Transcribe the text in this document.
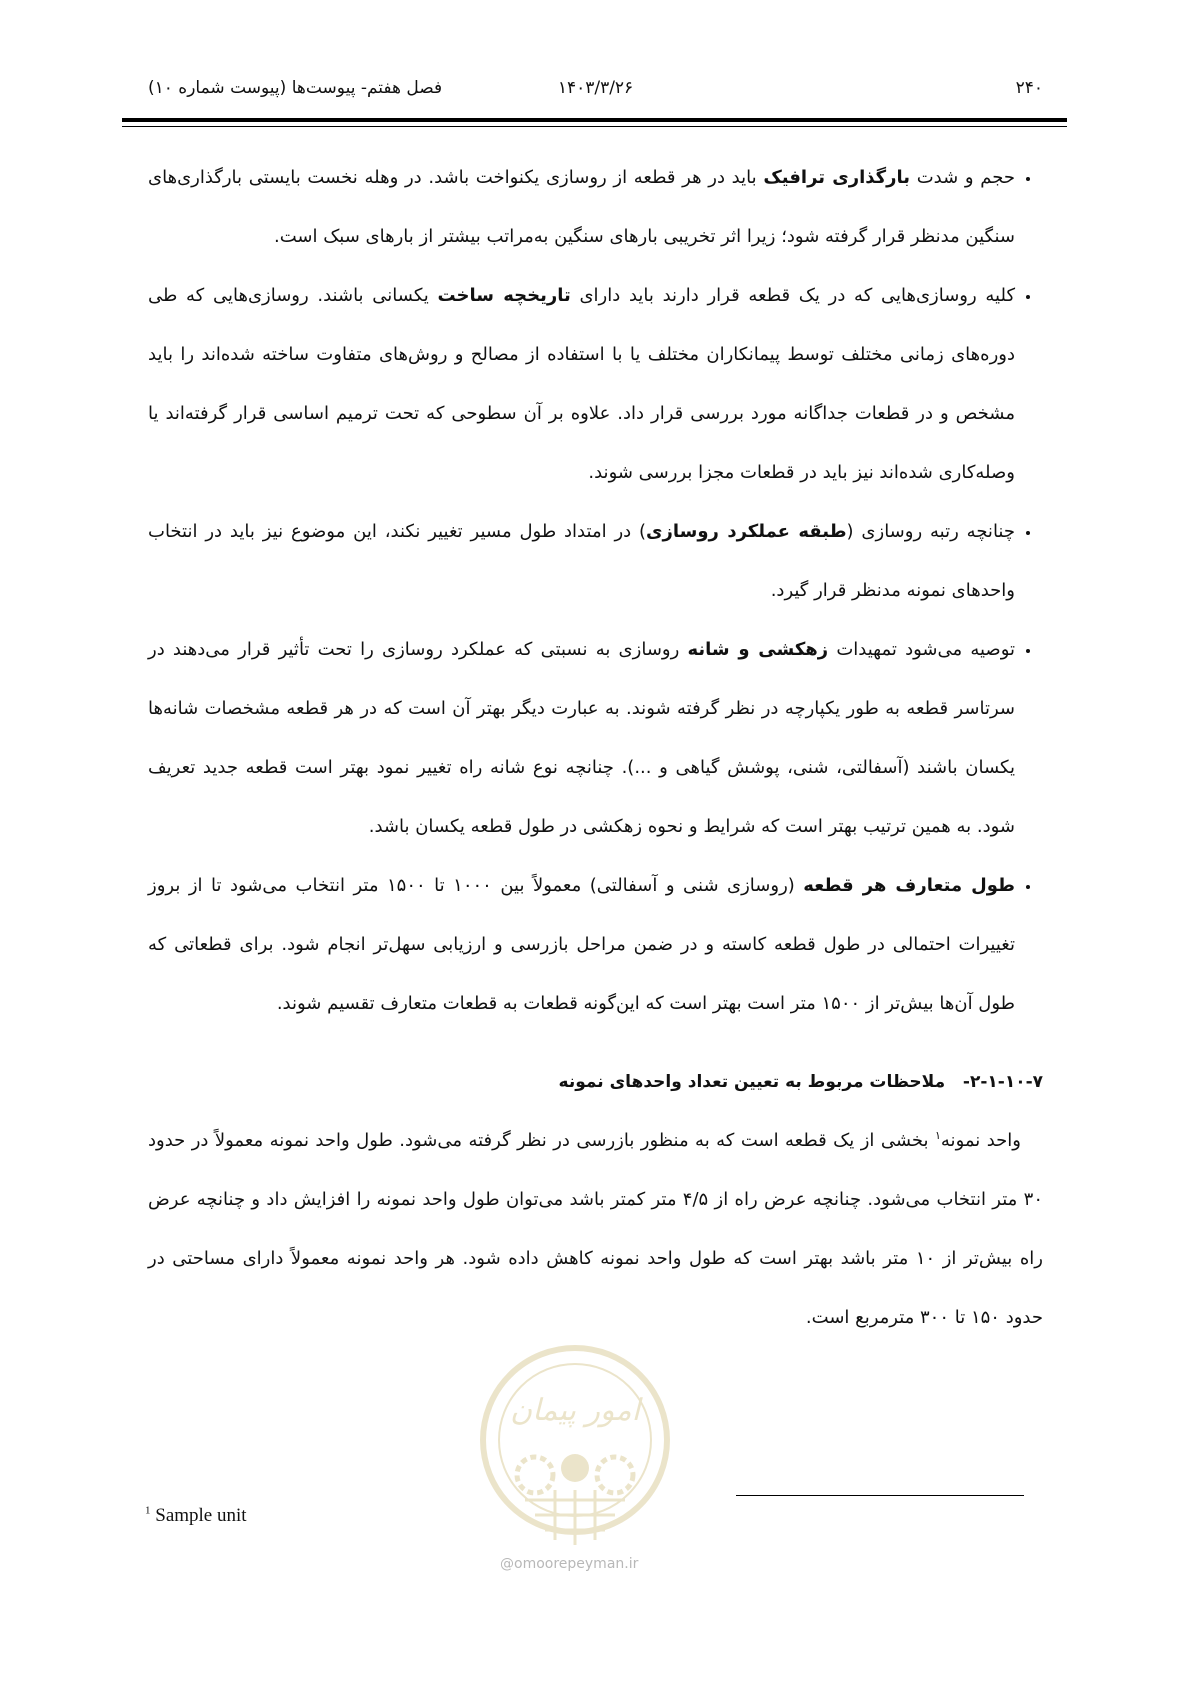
۲۴۰
۱۴۰۳/۳/۲۶
فصل هفتم- پیوست‌ها (پیوست شماره ۱۰)
• حجم و شدت بارگذاری ترافیک باید در هر قطعه از روسازی یکنواخت باشد. در وهله نخست بایستی بارگذاری‌های سنگین مدنظر قرار گرفته شود؛ زیرا اثر تخریبی بارهای سنگین به‌مراتب بیشتر از بارهای سبک است.
• کلیه روسازی‌هایی که در یک قطعه قرار دارند باید دارای تاریخچه ساخت یکسانی باشند. روسازی‌هایی که طی دوره‌های زمانی مختلف توسط پیمانکاران مختلف یا با استفاده از مصالح و روش‌های متفاوت ساخته شده‌اند را باید مشخص و در قطعات جداگانه مورد بررسی قرار داد. علاوه بر آن سطوحی که تحت ترمیم اساسی قرار گرفته‌اند یا وصله‌کاری شده‌اند نیز باید در قطعات مجزا بررسی شوند.
• چنانچه رتبه روسازی (طبقه عملکرد روسازی) در امتداد طول مسیر تغییر نکند، این موضوع نیز باید در انتخاب واحدهای نمونه مدنظر قرار گیرد.
• توصیه می‌شود تمهیدات زهکشی و شانه روسازی به نسبتی که عملکرد روسازی را تحت تأثیر قرار می‌دهند در سرتاسر قطعه به طور یکپارچه در نظر گرفته شوند. به عبارت دیگر بهتر آن است که در هر قطعه مشخصات شانه‌ها یکسان باشند (آسفالتی، شنی، پوشش گیاهی و ...). چنانچه نوع شانه راه تغییر نمود بهتر است قطعه جدید تعریف شود. به همین ترتیب بهتر است که شرایط و نحوه زهکشی در طول قطعه یکسان باشد.
• طول متعارف هر قطعه (روسازی شنی و آسفالتی) معمولاً بین ۱۰۰۰ تا ۱۵۰۰ متر انتخاب می‌شود تا از بروز تغییرات احتمالی در طول قطعه کاسته و در ضمن مراحل بازرسی و ارزیابی سهل‌تر انجام شود. برای قطعاتی که طول آن‌ها بیش‌تر از ۱۵۰۰ متر است بهتر است که این‌گونه قطعات به قطعات متعارف تقسیم شوند.
۲-۱-۱۰-۷-   ملاحظات مربوط به تعیین تعداد واحدهای نمونه

واحد نمونه$^۱$ بخشی از یک قطعه است که به منظور بازرسی در نظر گرفته می‌شود. طول واحد نمونه معمولاً در حدود ۳۰ متر انتخاب می‌شود. چنانچه عرض راه از ۴/۵ متر کمتر باشد می‌توان طول واحد نمونه را افزایش داد و چنانچه عرض راه بیش‌تر از ۱۰ متر باشد بهتر است که طول واحد نمونه کاهش داده شود. هر واحد نمونه معمولاً دارای مساحتی در حدود ۱۵۰ تا ۳۰۰ مترمربع است.

امور پیمان
@omoorepeyman.ir
$^1$ Sample unit
